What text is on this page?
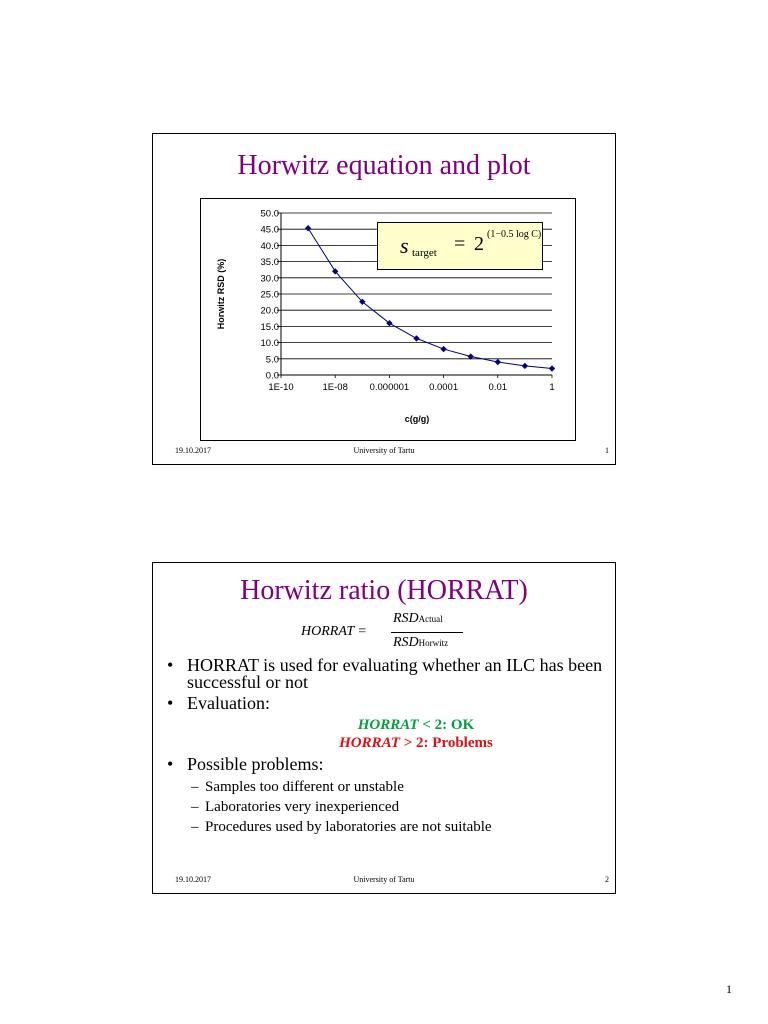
Horwitz equation and plot
0.0
5.0
10.0
15.0
20.0
25.0
30.0
35.0
40.0
45.0
50.0
1E-10	1E-08 0.000001 0.0001	0.01	1
c(g/g)
Horwitz RSD (%)
s target = 2 (1−0.5 log C)
19.10.2017	University of Tartu	1
Horwitz ratio (HORRAT)
HORRAT =
RSDActual
RSDHorwitz
• HORRAT is used for evaluating whether an ILC has been successful or not
• Evaluation:
HORRAT < 2: OK
HORRAT > 2: Problems
• Possible problems:
– Samples too different or unstable
– Laboratories very inexperienced
– Procedures used by laboratories are not suitable
19.10.2017	University of Tartu	2
1
